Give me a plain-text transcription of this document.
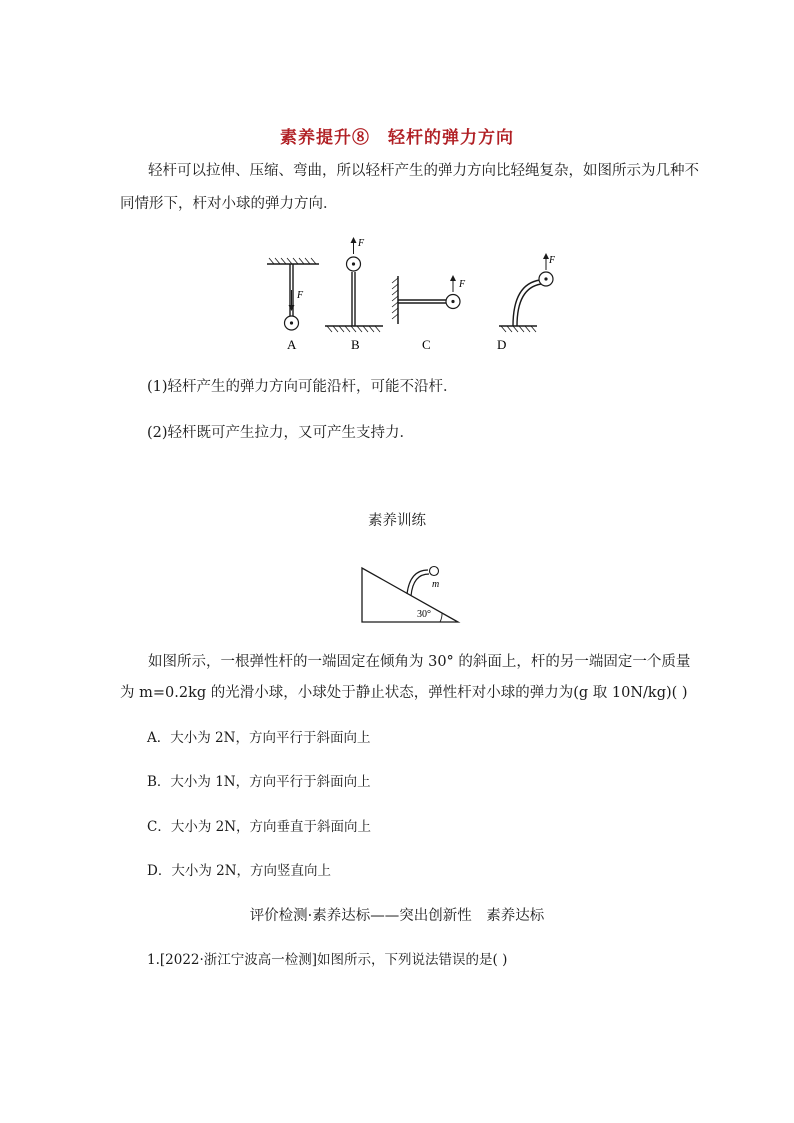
素养提升⑧ 轻杆的弹力方向
轻杆可以拉伸、压缩、弯曲，所以轻杆产生的弹力方向比轻绳复杂，如图所示为几种不
同情形下，杆对小球的弹力方向．
F
F
F
F
A	B	C	D
(1)轻杆产生的弹力方向可能沿杆，可能不沿杆．
(2)轻杆既可产生拉力，又可产生支持力．
素养训练
m
30°
如图所示，一根弹性杆的一端固定在倾角为 30° 的斜面上，杆的另一端固定一个质量
为 m=0.2kg 的光滑小球，小球处于静止状态，弹性杆对小球的弹力为(g 取 10N/kg)( )
A．大小为 2N，方向平行于斜面向上
B．大小为 1N，方向平行于斜面向上
C．大小为 2N，方向垂直于斜面向上
D．大小为 2N，方向竖直向上
评价检测·素养达标——突出创新性　素养达标
1.[2022·浙江宁波高一检测]如图所示，下列说法错误的是( )
